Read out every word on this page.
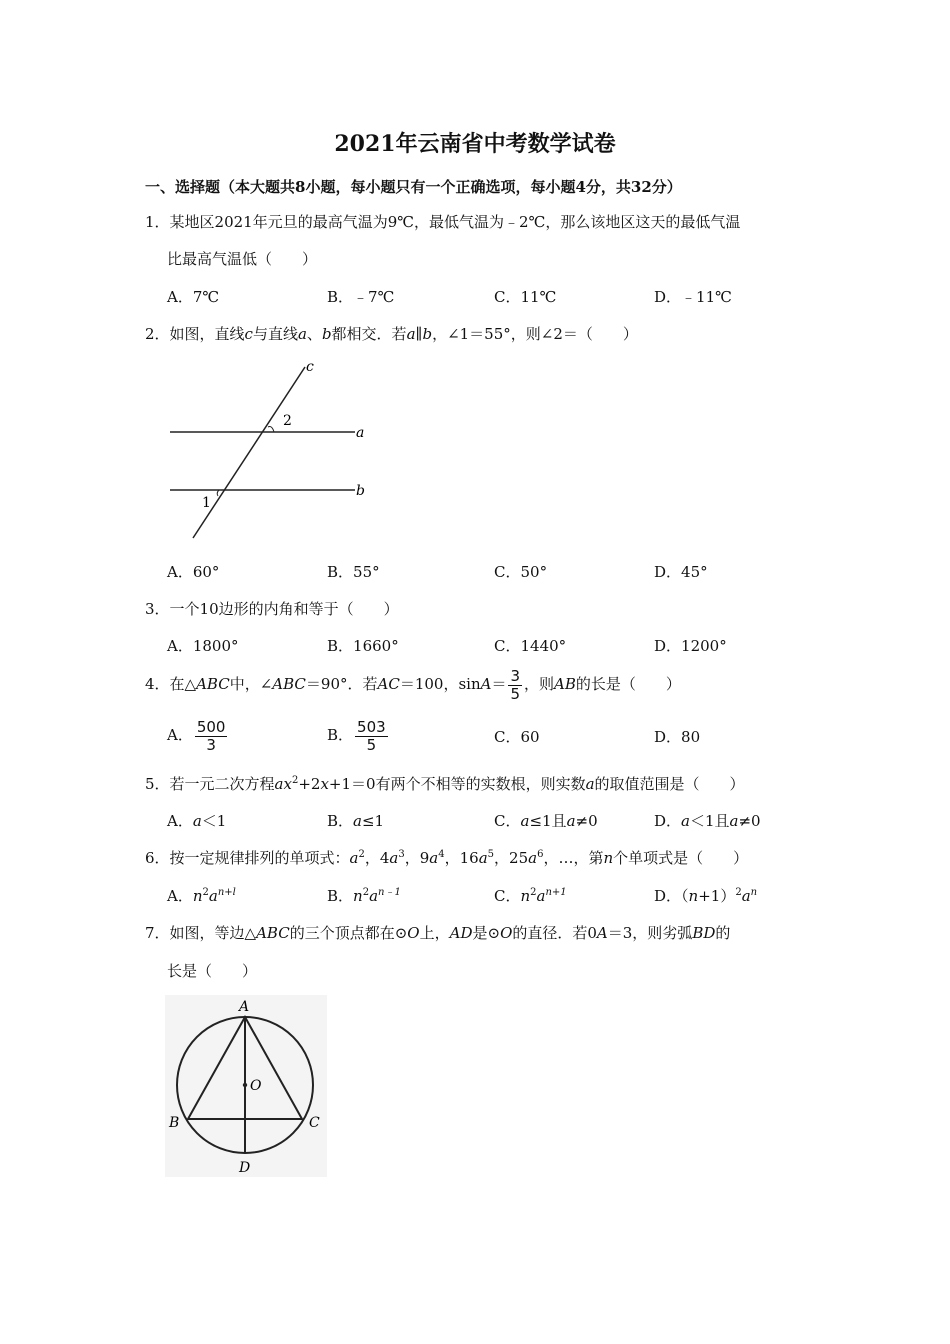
2021年云南省中考数学试卷
一、选择题（本大题共8小题，每小题只有一个正确选项，每小题4分，共32分）
1．某地区2021年元旦的最高气温为9℃，最低气温为﹣2℃，那么该地区这天的最低气温
比最高气温低（　　）
A．7℃	B．﹣7℃	C．11℃	D．﹣11℃
2．如图，直线c与直线a、b都相交．若a∥b，∠1＝55°，则∠2＝（　　）
c
a
b
2
1
A．60°	B．55°	C．50°	D．45°
3．一个10边形的内角和等于（　　）
A．1800°	B．1660°	C．1440°	D．1200°
4．在△ABC中，∠ABC＝90°．若AC＝100，$\sin A= \frac{3}{5}$ ，则AB的长是（　　）
A． $\frac{500}{3}$	B． $\frac{503}{5}$	C．60	D．80
5．若一元二次方程$ax^2+2x+1=0$有两个不相等的实数根，则实数a的取值范围是（　　）
A．a＜1	B．a≤1	C．a≤1且a≠0	D．a＜1且a≠0
6．按一定规律排列的单项式：$a^2$，$4a^3$，$9a^4$，$16a^5$，$25a^6$，…，第n个单项式是（　　）
A．$n^2a^{n+l}$	B．$n^2a^{n﹣1}$	C．$n^2a^{n+1}$	D．$(n+1)^2a^n$
7．如图，等边△ABC的三个顶点都在⊙O上，AD是⊙O的直径．若0A＝3，则劣弧BD的
长是（　　）
A
B	C
D
O
